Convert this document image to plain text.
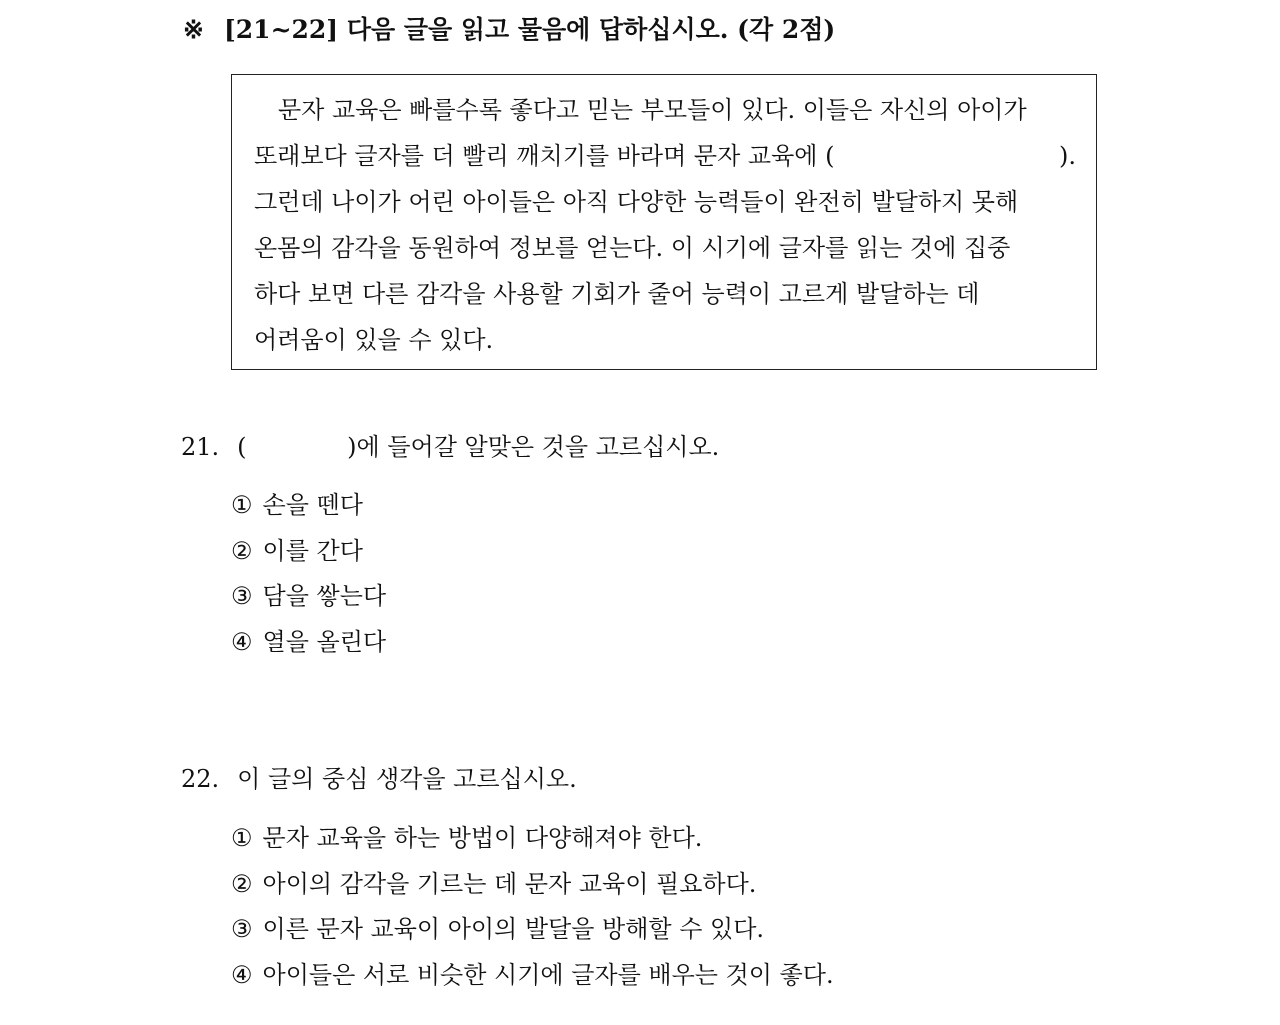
※ [21~22] 다음 글을 읽고 물음에 답하십시오. (각 2점)
문자 교육은 빠를수록 좋다고 믿는 부모들이 있다. 이들은 자신의 아이가
또래보다 글자를 더 빨리 깨치기를 바라며 문자 교육에 (	).
그런데 나이가 어린 아이들은 아직 다양한 능력들이 완전히 발달하지 못해
온몸의 감각을 동원하여 정보를 얻는다. 이 시기에 글자를 읽는 것에 집중
하다 보면 다른 감각을 사용할 기회가 줄어 능력이 고르게 발달하는 데
어려움이 있을 수 있다.
21. (	)에 들어갈 알맞은 것을 고르십시오.
① 손을 뗀다
② 이를 간다
③ 담을 쌓는다
④ 열을 올린다
22. 이 글의 중심 생각을 고르십시오.
① 문자 교육을 하는 방법이 다양해져야 한다.
② 아이의 감각을 기르는 데 문자 교육이 필요하다.
③ 이른 문자 교육이 아이의 발달을 방해할 수 있다.
④ 아이들은 서로 비슷한 시기에 글자를 배우는 것이 좋다.
